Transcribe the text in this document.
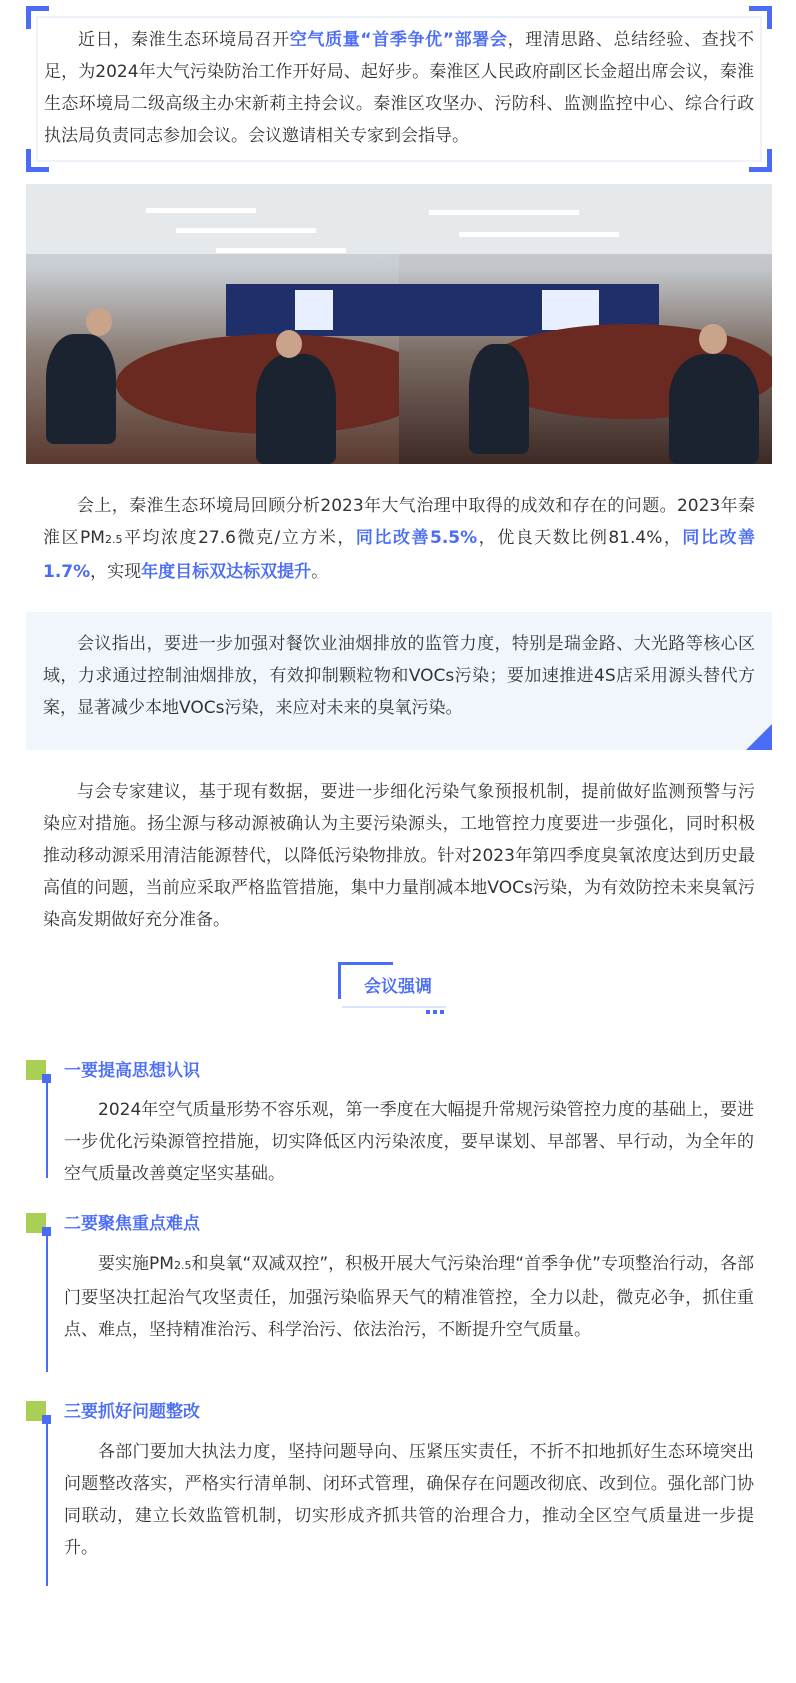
近日，秦淮生态环境局召开空气质量“首季争优”部署会，理清思路、总结经验、查找不足，为2024年大气污染防治工作开好局、起好步。秦淮区人民政府副区长金超出席会议，秦淮生态环境局二级高级主办宋新莉主持会议。秦淮区攻坚办、污防科、监测监控中心、综合行政执法局负责同志参加会议。会议邀请相关专家到会指导。

会上，秦淮生态环境局回顾分析2023年大气治理中取得的成效和存在的问题。2023年秦淮区PM2.5平均浓度27.6微克/立方米，同比改善5.5%，优良天数比例81.4%，同比改善1.7%，实现年度目标双达标双提升。

会议指出，要进一步加强对餐饮业油烟排放的监管力度，特别是瑞金路、大光路等核心区域，力求通过控制油烟排放，有效抑制颗粒物和VOCs污染；要加速推进4S店采用源头替代方案，显著减少本地VOCs污染，来应对未来的臭氧污染。

与会专家建议，基于现有数据，要进一步细化污染气象预报机制，提前做好监测预警与污染应对措施。扬尘源与移动源被确认为主要污染源头，工地管控力度要进一步强化，同时积极推动移动源采用清洁能源替代，以降低污染物排放。针对2023年第四季度臭氧浓度达到历史最高值的问题，当前应采取严格监管措施，集中力量削减本地VOCs污染，为有效防控未来臭氧污染高发期做好充分准备。

会议强调
一要提高思想认识

2024年空气质量形势不容乐观，第一季度在大幅提升常规污染管控力度的基础上，要进一步优化污染源管控措施，切实降低区内污染浓度，要早谋划、早部署、早行动，为全年的空气质量改善奠定坚实基础。

二要聚焦重点难点

要实施PM2.5和臭氧“双减双控”，积极开展大气污染治理“首季争优”专项整治行动，各部门要坚决扛起治气攻坚责任，加强污染临界天气的精准管控，全力以赴，微克必争，抓住重点、难点，坚持精准治污、科学治污、依法治污，不断提升空气质量。

三要抓好问题整改

各部门要加大执法力度，坚持问题导向、压紧压实责任，不折不扣地抓好生态环境突出问题整改落实，严格实行清单制、闭环式管理，确保存在问题改彻底、改到位。强化部门协同联动，建立长效监管机制，切实形成齐抓共管的治理合力，推动全区空气质量进一步提升。
